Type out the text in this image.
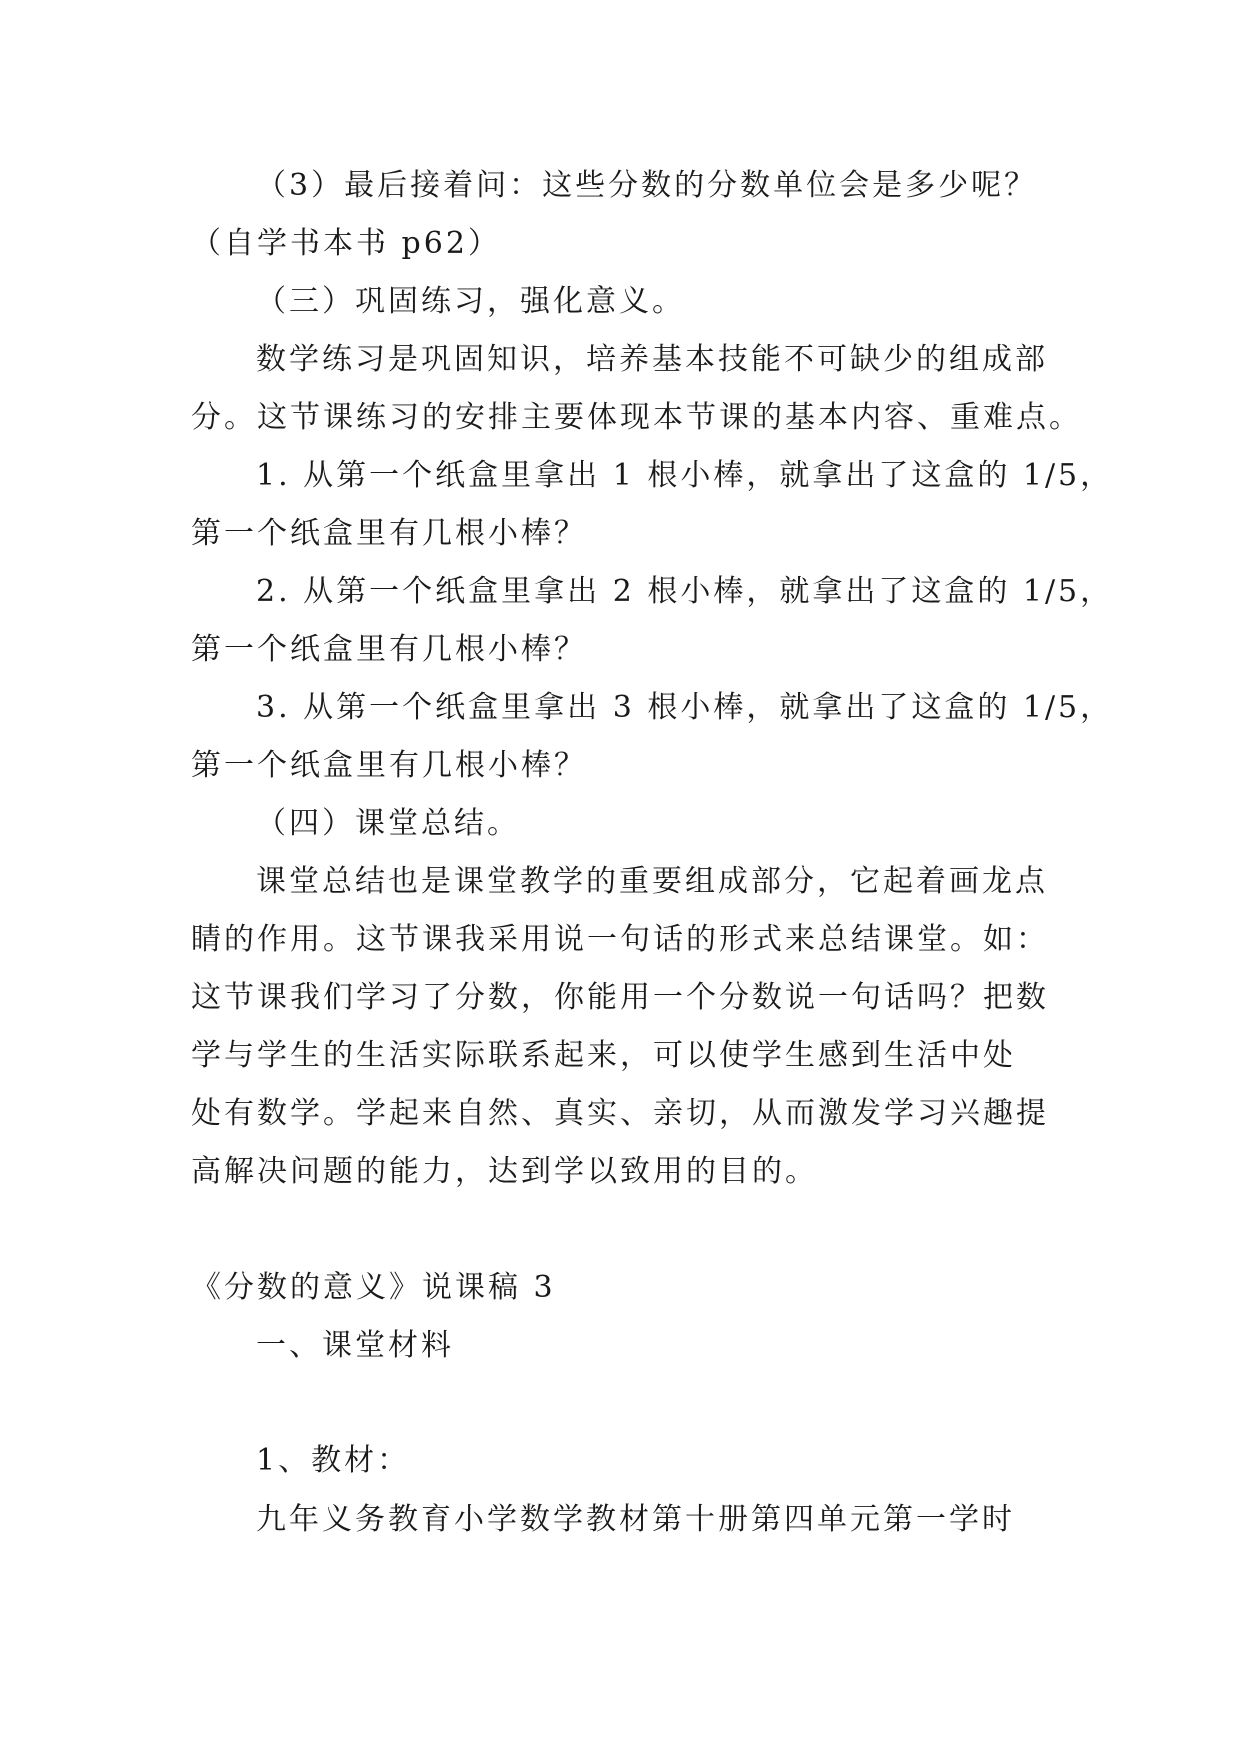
（3）最后接着问：这些分数的分数单位会是多少呢？
（自学书本书 p62）
（三）巩固练习，强化意义。
数学练习是巩固知识，培养基本技能不可缺少的组成部
分。这节课练习的安排主要体现本节课的基本内容、重难点。
1. 从第一个纸盒里拿出 1 根小棒，就拿出了这盒的 1/5，
第一个纸盒里有几根小棒？
2. 从第一个纸盒里拿出 2 根小棒，就拿出了这盒的 1/5，
第一个纸盒里有几根小棒？
3. 从第一个纸盒里拿出 3 根小棒，就拿出了这盒的 1/5，
第一个纸盒里有几根小棒？
（四）课堂总结。
课堂总结也是课堂教学的重要组成部分，它起着画龙点
睛的作用。这节课我采用说一句话的形式来总结课堂。如：
这节课我们学习了分数，你能用一个分数说一句话吗？把数
学与学生的生活实际联系起来，可以使学生感到生活中处
处有数学。学起来自然、真实、亲切，从而激发学习兴趣提
高解决问题的能力，达到学以致用的目的。
《分数的意义》说课稿 3
一、课堂材料
1、教材：
九年义务教育小学数学教材第十册第四单元第一学时
